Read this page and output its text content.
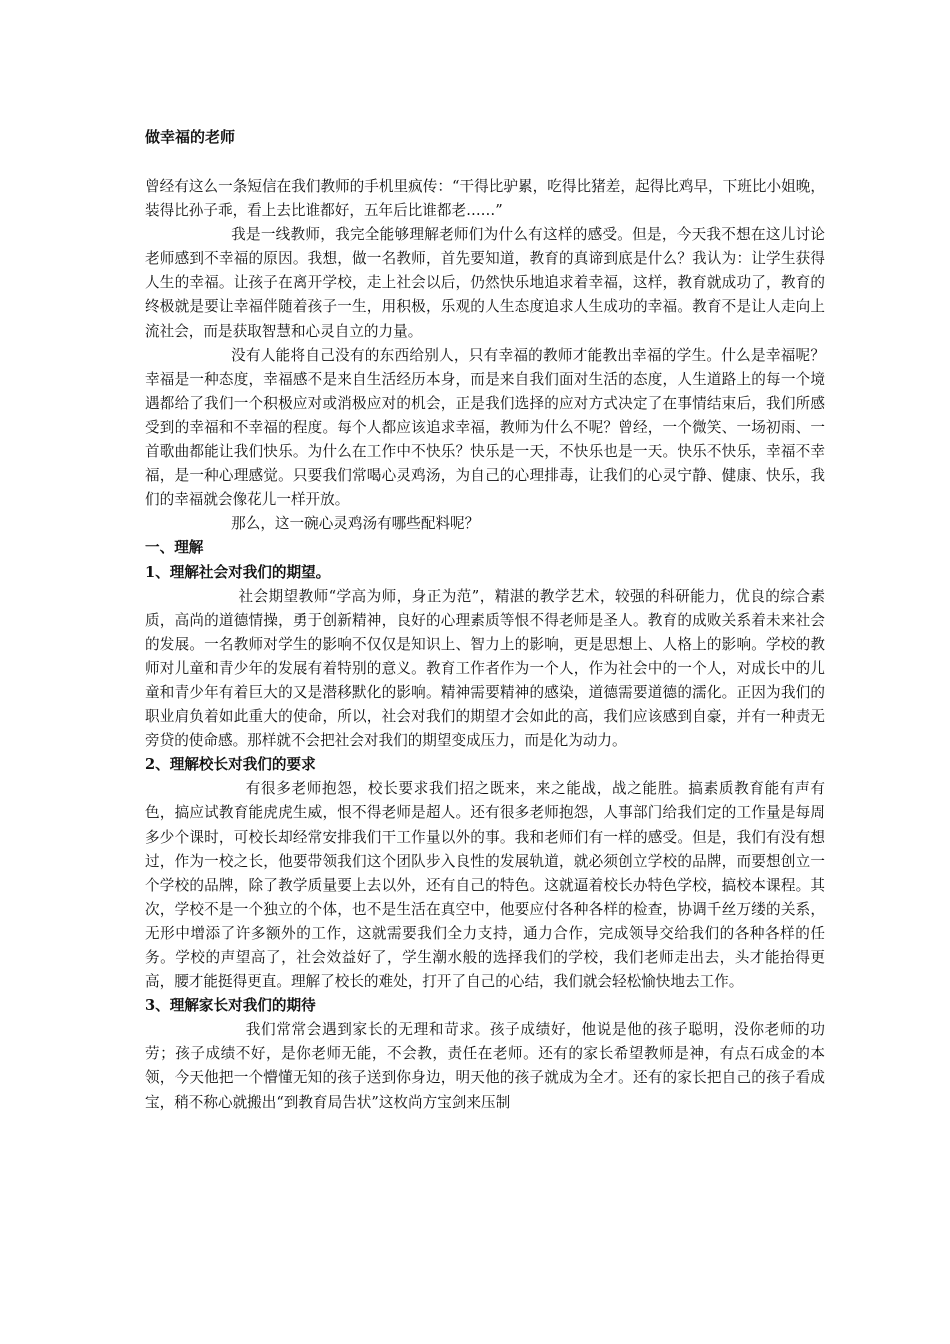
做幸福的老师

曾经有这么一条短信在我们教师的手机里疯传：“干得比驴累，吃得比猪差，起得比鸡早，下班比小姐晚，装得比孙子乖，看上去比谁都好，五年后比谁都老……”

我是一线教师，我完全能够理解老师们为什么有这样的感受。但是，今天我不想在这儿讨论老师感到不幸福的原因。我想，做一名教师，首先要知道，教育的真谛到底是什么？我认为：让学生获得人生的幸福。让孩子在离开学校，走上社会以后，仍然快乐地追求着幸福，这样，教育就成功了，教育的终极就是要让幸福伴随着孩子一生，用积极，乐观的人生态度追求人生成功的幸福。教育不是让人走向上流社会，而是获取智慧和心灵自立的力量。

没有人能将自己没有的东西给别人，只有幸福的教师才能教出幸福的学生。什么是幸福呢？幸福是一种态度，幸福感不是来自生活经历本身，而是来自我们面对生活的态度，人生道路上的每一个境遇都给了我们一个积极应对或消极应对的机会，正是我们选择的应对方式决定了在事情结束后，我们所感受到的幸福和不幸福的程度。每个人都应该追求幸福，教师为什么不呢？曾经，一个微笑、一场初雨、一首歌曲都能让我们快乐。为什么在工作中不快乐？快乐是一天，不快乐也是一天。快乐不快乐，幸福不幸福，是一种心理感觉。只要我们常喝心灵鸡汤，为自己的心理排毒，让我们的心灵宁静、健康、快乐，我们的幸福就会像花儿一样开放。

那么，这一碗心灵鸡汤有哪些配料呢？

一、理解

1、理解社会对我们的期望。

社会期望教师“学高为师，身正为范”，精湛的教学艺术，较强的科研能力，优良的综合素质，高尚的道德情操，勇于创新精神，良好的心理素质等恨不得老师是圣人。教育的成败关系着未来社会的发展。一名教师对学生的影响不仅仅是知识上、智力上的影响，更是思想上、人格上的影响。学校的教师对儿童和青少年的发展有着特别的意义。教育工作者作为一个人，作为社会中的一个人，对成长中的儿童和青少年有着巨大的又是潜移默化的影响。精神需要精神的感染，道德需要道德的濡化。正因为我们的职业肩负着如此重大的使命，所以，社会对我们的期望才会如此的高，我们应该感到自豪，并有一种责无旁贷的使命感。那样就不会把社会对我们的期望变成压力，而是化为动力。

2、理解校长对我们的要求

有很多老师抱怨，校长要求我们招之既来，来之能战，战之能胜。搞素质教育能有声有色，搞应试教育能虎虎生威，恨不得老师是超人。还有很多老师抱怨，人事部门给我们定的工作量是每周多少个课时，可校长却经常安排我们干工作量以外的事。我和老师们有一样的感受。但是，我们有没有想过，作为一校之长，他要带领我们这个团队步入良性的发展轨道，就必须创立学校的品牌，而要想创立一个学校的品牌，除了教学质量要上去以外，还有自己的特色。这就逼着校长办特色学校，搞校本课程。其次，学校不是一个独立的个体，也不是生活在真空中，他要应付各种各样的检查，协调千丝万缕的关系，无形中增添了许多额外的工作，这就需要我们全力支持，通力合作，完成领导交给我们的各种各样的任务。学校的声望高了，社会效益好了，学生潮水般的选择我们的学校，我们老师走出去，头才能抬得更高，腰才能挺得更直。理解了校长的难处，打开了自己的心结，我们就会轻松愉快地去工作。

3、理解家长对我们的期待

我们常常会遇到家长的无理和苛求。孩子成绩好，他说是他的孩子聪明，没你老师的功劳；孩子成绩不好，是你老师无能，不会教，责任在老师。还有的家长希望教师是神，有点石成金的本领，今天他把一个懵懂无知的孩子送到你身边，明天他的孩子就成为全才。还有的家长把自己的孩子看成宝，稍不称心就搬出“到教育局告状”这枚尚方宝剑来压制
